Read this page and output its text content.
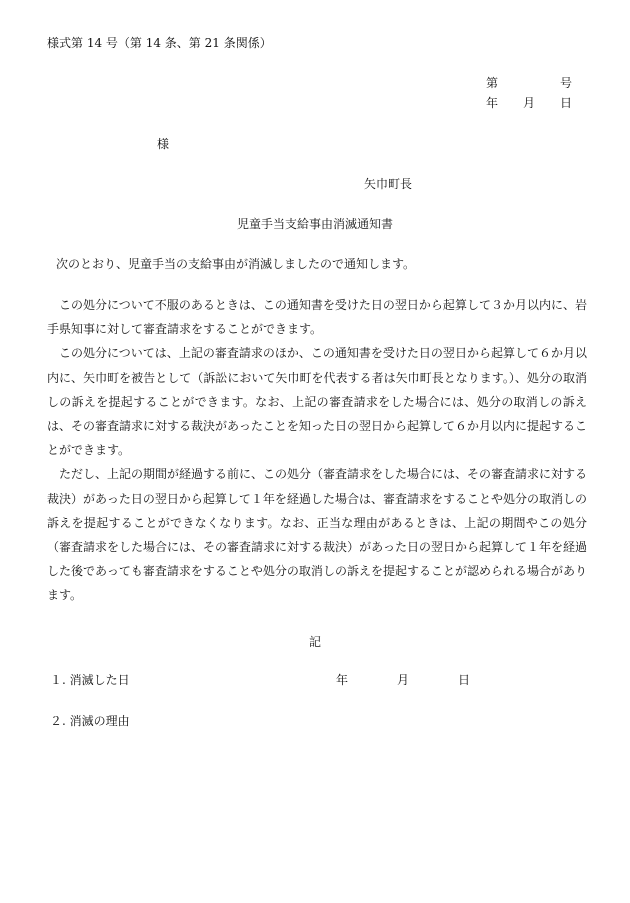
様式第 14 号（第 14 条、第 21 条関係）
第	号
年 月 日
様
矢巾町長
児童手当支給事由消滅通知書
次のとおり、児童手当の支給事由が消滅しましたので通知します。

この処分について不服のあるときは、この通知書を受けた日の翌日から起算して３か月以内に、岩手県知事に対して審査請求をすることができます。

この処分については、上記の審査請求のほか、この通知書を受けた日の翌日から起算して６か月以内に、矢巾町を被告として（訴訟において矢巾町を代表する者は矢巾町長となります。）、処分の取消しの訴えを提起することができます。なお、上記の審査請求をした場合には、処分の取消しの訴えは、その審査請求に対する裁決があったことを知った日の翌日から起算して６か月以内に提起することができます。

ただし、上記の期間が経過する前に、この処分（審査請求をした場合には、その審査請求に対する裁決）があった日の翌日から起算して１年を経過した場合は、審査請求をすることや処分の取消しの訴えを提起することができなくなります。なお、正当な理由があるときは、上記の期間やこの処分（審査請求をした場合には、その審査請求に対する裁決）があった日の翌日から起算して１年を経過した後であっても審査請求をすることや処分の取消しの訴えを提起することが認められる場合があります。

記
１. 消滅した日	年	月	日
２. 消滅の理由
